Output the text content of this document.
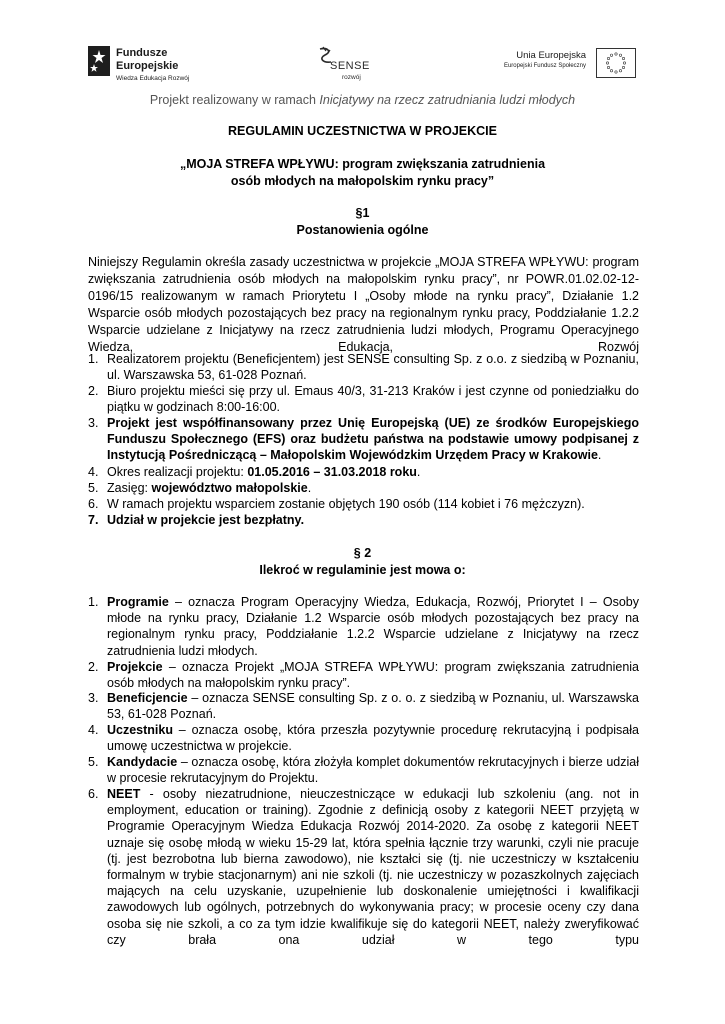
Fundusze
Europejskie
Wiedza Edukacja Rozwój
SENSE
rozwój
Unia Europejska
Europejski Fundusz Społeczny
Projekt realizowany w ramach Inicjatywy na rzecz zatrudniania ludzi młodych
REGULAMIN UCZESTNICTWA W PROJEKCIE
„MOJA STREFA WPŁYWU: program zwiększania zatrudnienia
osób młodych na małopolskim rynku pracy”
§1
Postanowienia ogólne
Niniejszy Regulamin określa zasady uczestnictwa w projekcie „MOJA STREFA WPŁYWU: program zwiększania zatrudnienia osób młodych na małopolskim rynku pracy”, nr POWR.01.02.02-12-0196/15 realizowanym w ramach Priorytetu I „Osoby młode na rynku pracy”, Działanie 1.2 Wsparcie osób młodych pozostających bez pracy na regionalnym rynku pracy, Poddziałanie 1.2.2 Wsparcie udzielane z Inicjatywy na rzecz zatrudnienia ludzi młodych, Programu Operacyjnego Wiedza, Edukacja, Rozwój
1. Realizatorem projektu (Beneficjentem) jest SENSE consulting Sp. z o.o. z siedzibą w Poznaniu, ul. Warszawska 53, 61-028 Poznań.
2. Biuro projektu mieści się przy ul. Emaus 40/3, 31-213 Kraków i jest czynne od poniedziałku do piątku w godzinach 8:00-16:00.
3. Projekt jest współfinansowany przez Unię Europejską (UE) ze środków Europejskiego Funduszu Społecznego (EFS) oraz budżetu państwa na podstawie umowy podpisanej z Instytucją Pośredniczącą – Małopolskim Wojewódzkim Urzędem Pracy w Krakowie.
4. Okres realizacji projektu: 01.05.2016 – 31.03.2018 roku.
5. Zasięg: województwo małopolskie.
6. W ramach projektu wsparciem zostanie objętych 190 osób (114 kobiet i 76 mężczyzn).
7. Udział w projekcie jest bezpłatny.
§ 2
Ilekroć w regulaminie jest mowa o:
1. Programie – oznacza Program Operacyjny Wiedza, Edukacja, Rozwój, Priorytet I – Osoby młode na rynku pracy, Działanie 1.2 Wsparcie osób młodych pozostających bez pracy na regionalnym rynku pracy, Poddziałanie 1.2.2 Wsparcie udzielane z Inicjatywy na rzecz zatrudnienia ludzi młodych.
2. Projekcie – oznacza Projekt „MOJA STREFA WPŁYWU: program zwiększania zatrudnienia osób młodych na małopolskim rynku pracy”.
3. Beneficjencie – oznacza SENSE consulting Sp. z o. o. z siedzibą w Poznaniu, ul. Warszawska 53, 61-028 Poznań.
4. Uczestniku – oznacza osobę, która przeszła pozytywnie procedurę rekrutacyjną i podpisała umowę uczestnictwa w projekcie.
5. Kandydacie – oznacza osobę, która złożyła komplet dokumentów rekrutacyjnych i bierze udział w procesie rekrutacyjnym do Projektu.
6. NEET - osoby niezatrudnione, nieuczestniczące w edukacji lub szkoleniu (ang. not in employment, education or training). Zgodnie z definicją osoby z kategorii NEET przyjętą w Programie Operacyjnym Wiedza Edukacja Rozwój 2014-2020. Za osobę z kategorii NEET uznaje się osobę młodą w wieku 15-29 lat, która spełnia łącznie trzy warunki, czyli nie pracuje (tj. jest bezrobotna lub bierna zawodowo), nie kształci się (tj. nie uczestniczy w kształceniu formalnym w trybie stacjonarnym) ani nie szkoli (tj. nie uczestniczy w pozaszkolnych zajęciach mających na celu uzyskanie, uzupełnienie lub doskonalenie umiejętności i kwalifikacji zawodowych lub ogólnych, potrzebnych do wykonywania pracy; w procesie oceny czy dana osoba się nie szkoli, a co za tym idzie kwalifikuje się do kategorii NEET, należy zweryfikować czy brała ona udział w tego typu
